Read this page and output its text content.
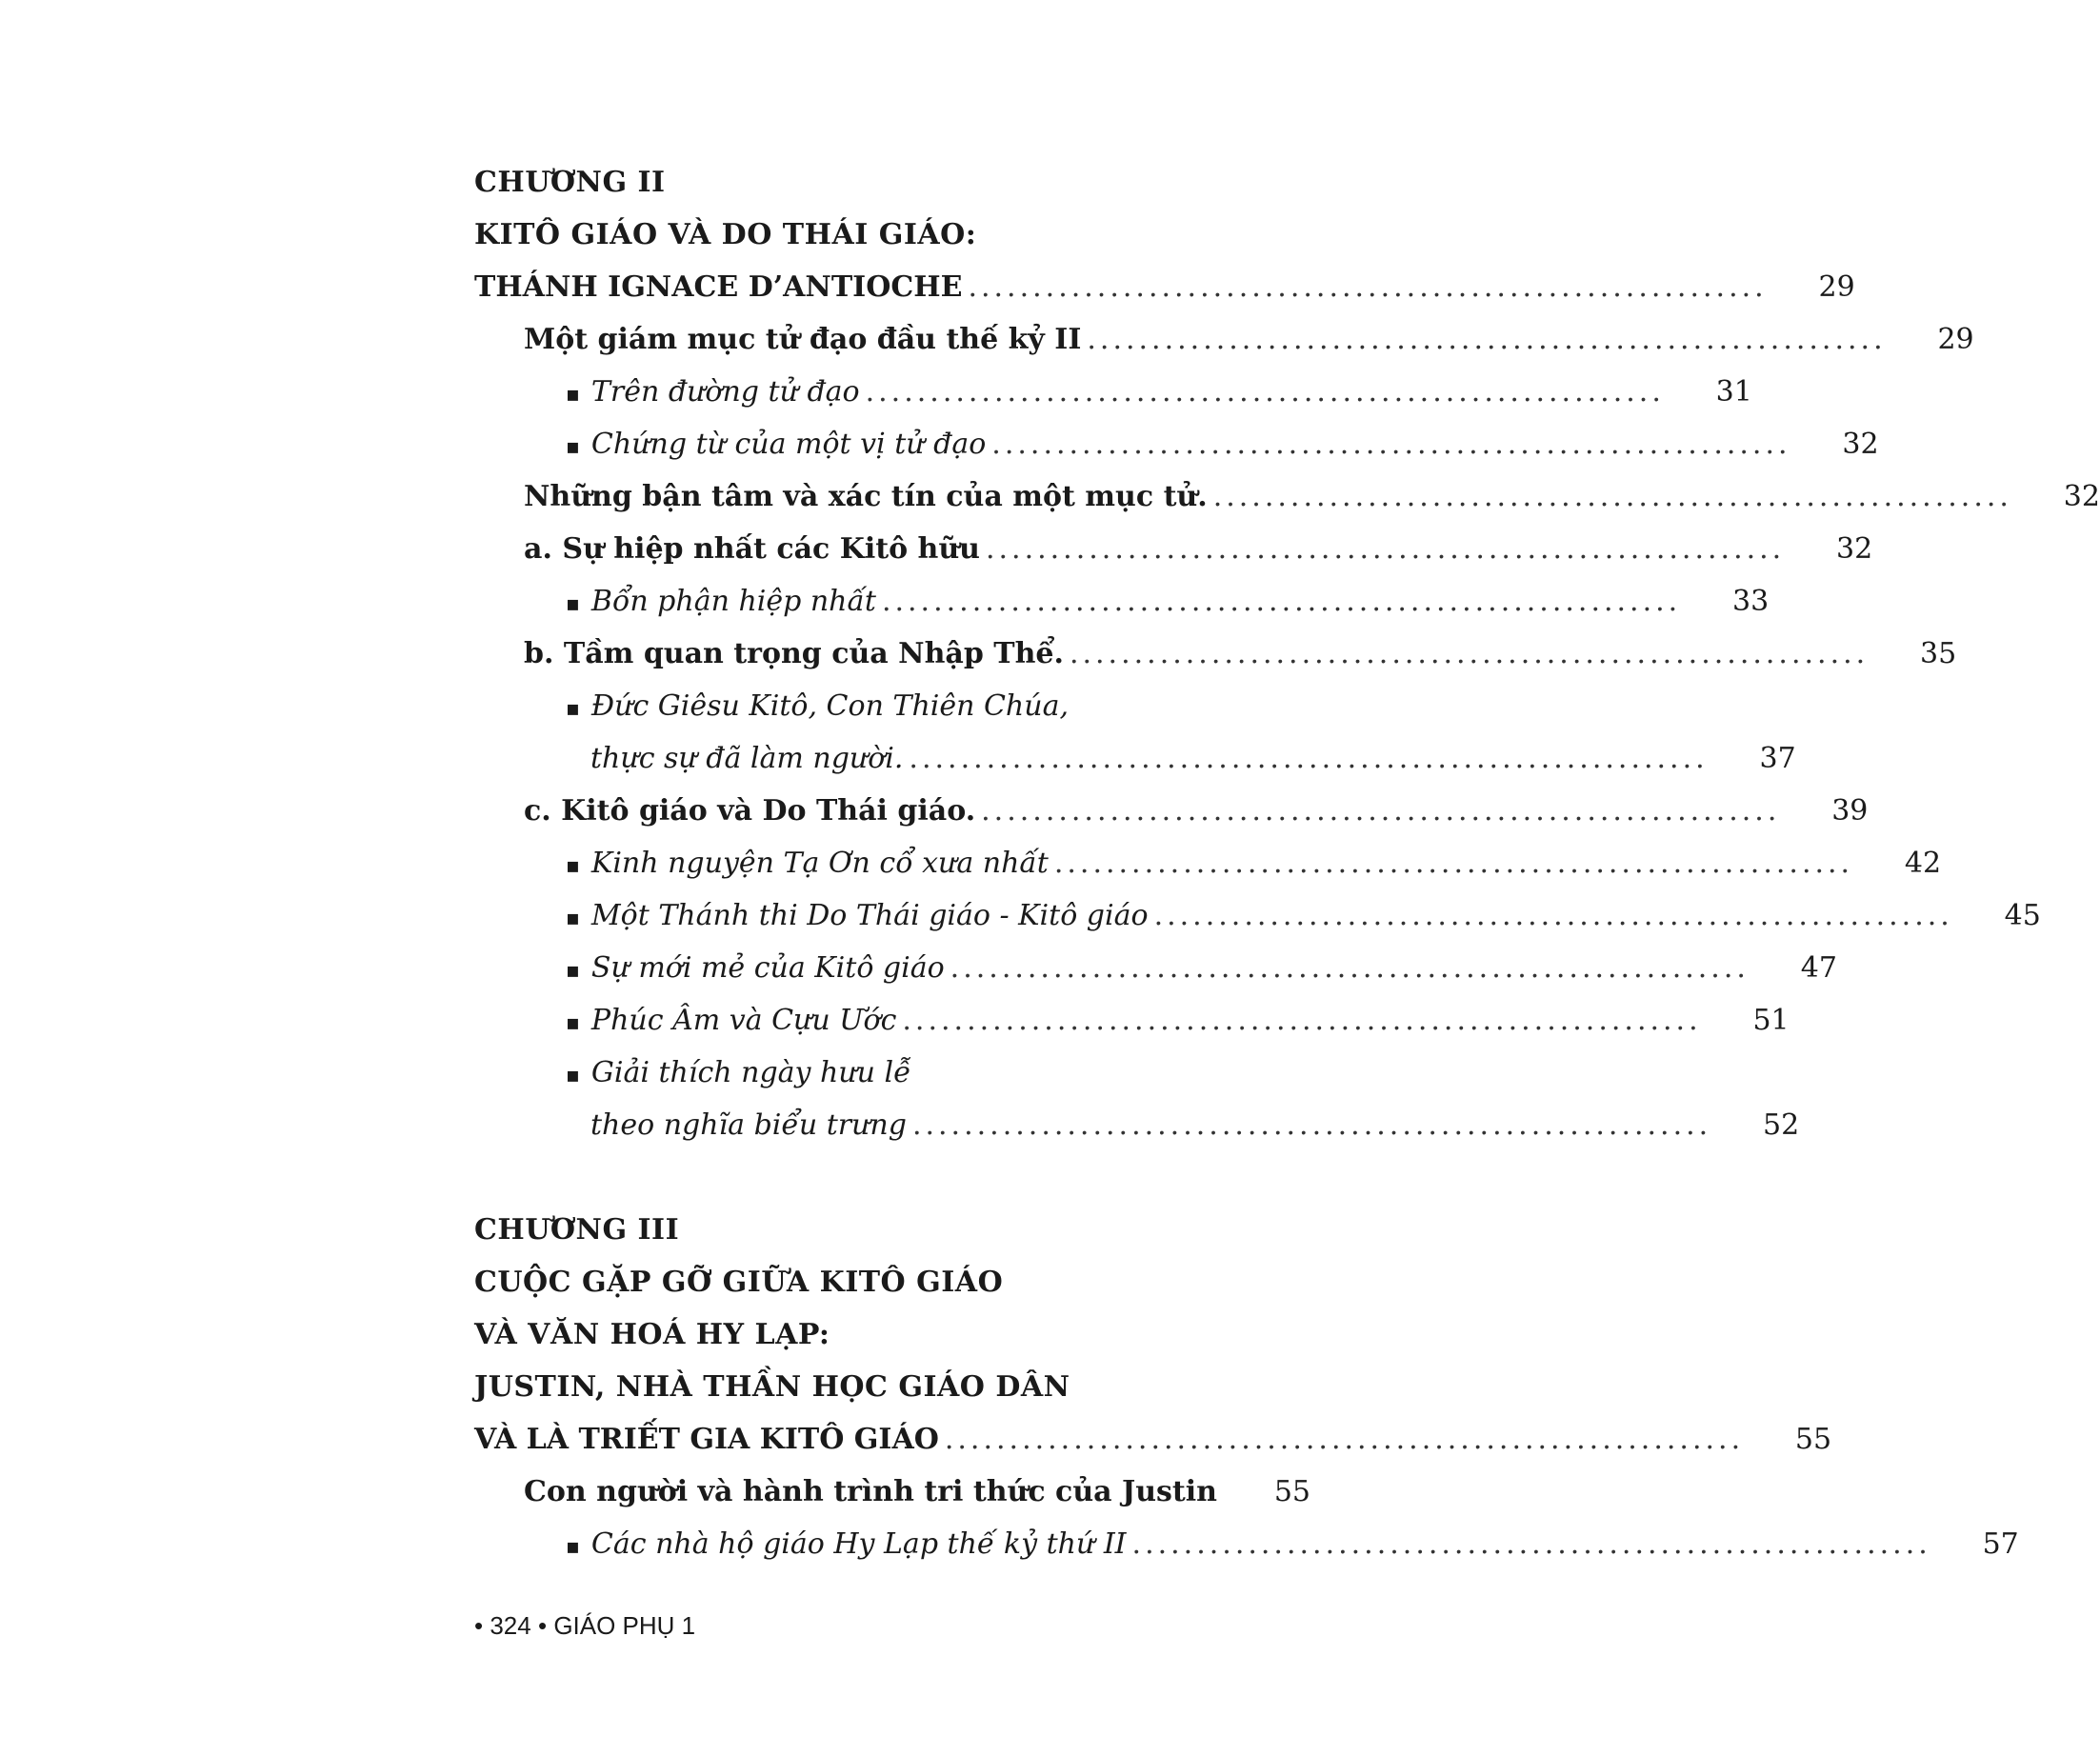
CHƯƠNG II
KITÔ GIÁO VÀ DO THÁI GIÁO:
THÁNH IGNACE D’ANTIOCHE ..............................................................	29
Một giám mục tử đạo đầu thế kỷ II ..............................................................	29
▪ Trên đường tử đạo ..............................................................	31
▪ Chứng từ của một vị tử đạo ..............................................................	32
Những bận tâm và xác tín của một mục tử. ..............................................................	32
a. Sự hiệp nhất các Kitô hữu ..............................................................	32
▪ Bổn phận hiệp nhất ..............................................................	33
b. Tầm quan trọng của Nhập Thể. ..............................................................	35
▪ Đức Giêsu Kitô, Con Thiên Chúa,
thực sự đã làm người. ..............................................................	37
c. Kitô giáo và Do Thái giáo. ..............................................................	39
▪ Kinh nguyện Tạ Ơn cổ xưa nhất ..............................................................	42
▪ Một Thánh thi Do Thái giáo - Kitô giáo ..............................................................	45
▪ Sự mới mẻ của Kitô giáo ..............................................................	47
▪ Phúc Âm và Cựu Ước ..............................................................	51
▪ Giải thích ngày hưu lễ
theo nghĩa biểu trưng ..............................................................	52
CHƯƠNG III
CUỘC GẶP GỠ GIỮA KITÔ GIÁO
VÀ VĂN HOÁ HY LẠP:
JUSTIN, NHÀ THẦN HỌC GIÁO DÂN
VÀ LÀ TRIẾT GIA KITÔ GIÁO ..............................................................	55
Con người và hành trình tri thức của Justin	55
▪ Các nhà hộ giáo Hy Lạp thế kỷ thứ II ..............................................................	57
• 324 • GIÁO PHỤ 1
